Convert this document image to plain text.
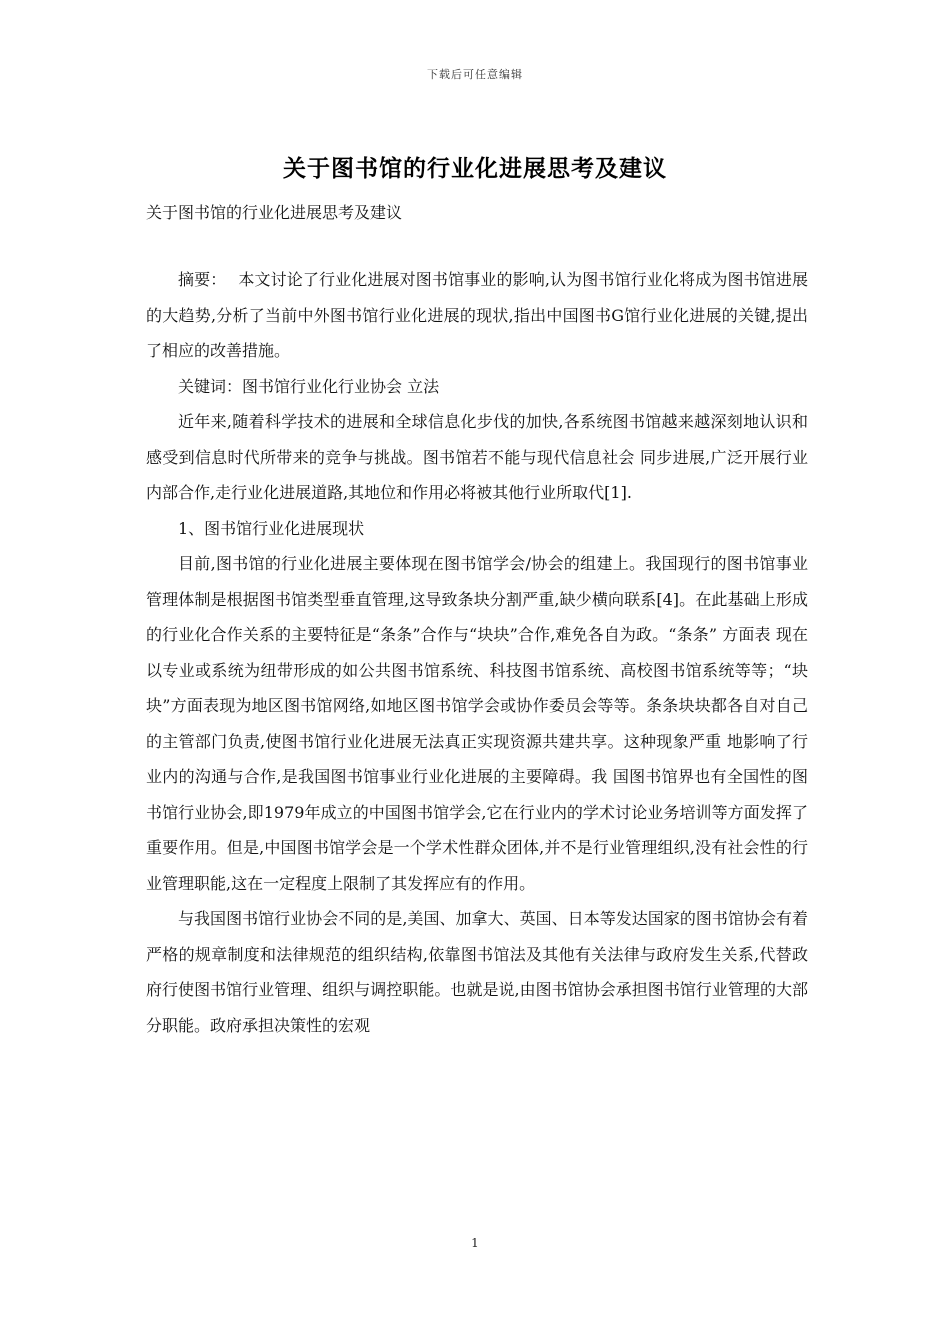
下载后可任意编辑
关于图书馆的行业化进展思考及建议

关于图书馆的行业化进展思考及建议

摘要： 本文讨论了行业化进展对图书馆事业的影响,认为图书馆行业化将成为图书馆进展的大趋势,分析了当前中外图书馆行业化进展的现状,指出中国图书G馆行业化进展的关键,提出了相应的改善措施。

关键词：图书馆行业化行业协会 立法

近年来,随着科学技术的进展和全球信息化步伐的加快,各系统图书馆越来越深刻地认识和感受到信息时代所带来的竞争与挑战。图书馆若不能与现代信息社会 同步进展,广泛开展行业内部合作,走行业化进展道路,其地位和作用必将被其他行业所取代[1].

1、图书馆行业化进展现状

目前,图书馆的行业化进展主要体现在图书馆学会/协会的组建上。我国现行的图书馆事业管理体制是根据图书馆类型垂直管理,这导致条块分割严重,缺少横向联系[4]。在此基础上形成的行业化合作关系的主要特征是“条条”合作与“块块”合作,难免各自为政。“条条” 方面表 现在以专业或系统为纽带形成的如公共图书馆系统、科技图书馆系统、高校图书馆系统等等；“块块”方面表现为地区图书馆网络,如地区图书馆学会或协作委员会等等。条条块块都各自对自己的主管部门负责,使图书馆行业化进展无法真正实现资源共建共享。这种现象严重 地影响了行业内的沟通与合作,是我国图书馆事业行业化进展的主要障碍。我 国图书馆界也有全国性的图书馆行业协会,即1979年成立的中国图书馆学会,它在行业内的学术讨论业务培训等方面发挥了重要作用。但是,中国图书馆学会是一个学术性群众团体,并不是行业管理组织,没有社会性的行业管理职能,这在一定程度上限制了其发挥应有的作用。

与我国图书馆行业协会不同的是,美国、加拿大、英国、日本等发达国家的图书馆协会有着严格的规章制度和法律规范的组织结构,依靠图书馆法及其他有关法律与政府发生关系,代替政府行使图书馆行业管理、组织与调控职能。也就是说,由图书馆协会承担图书馆行业管理的大部分职能。政府承担决策性的宏观

1
